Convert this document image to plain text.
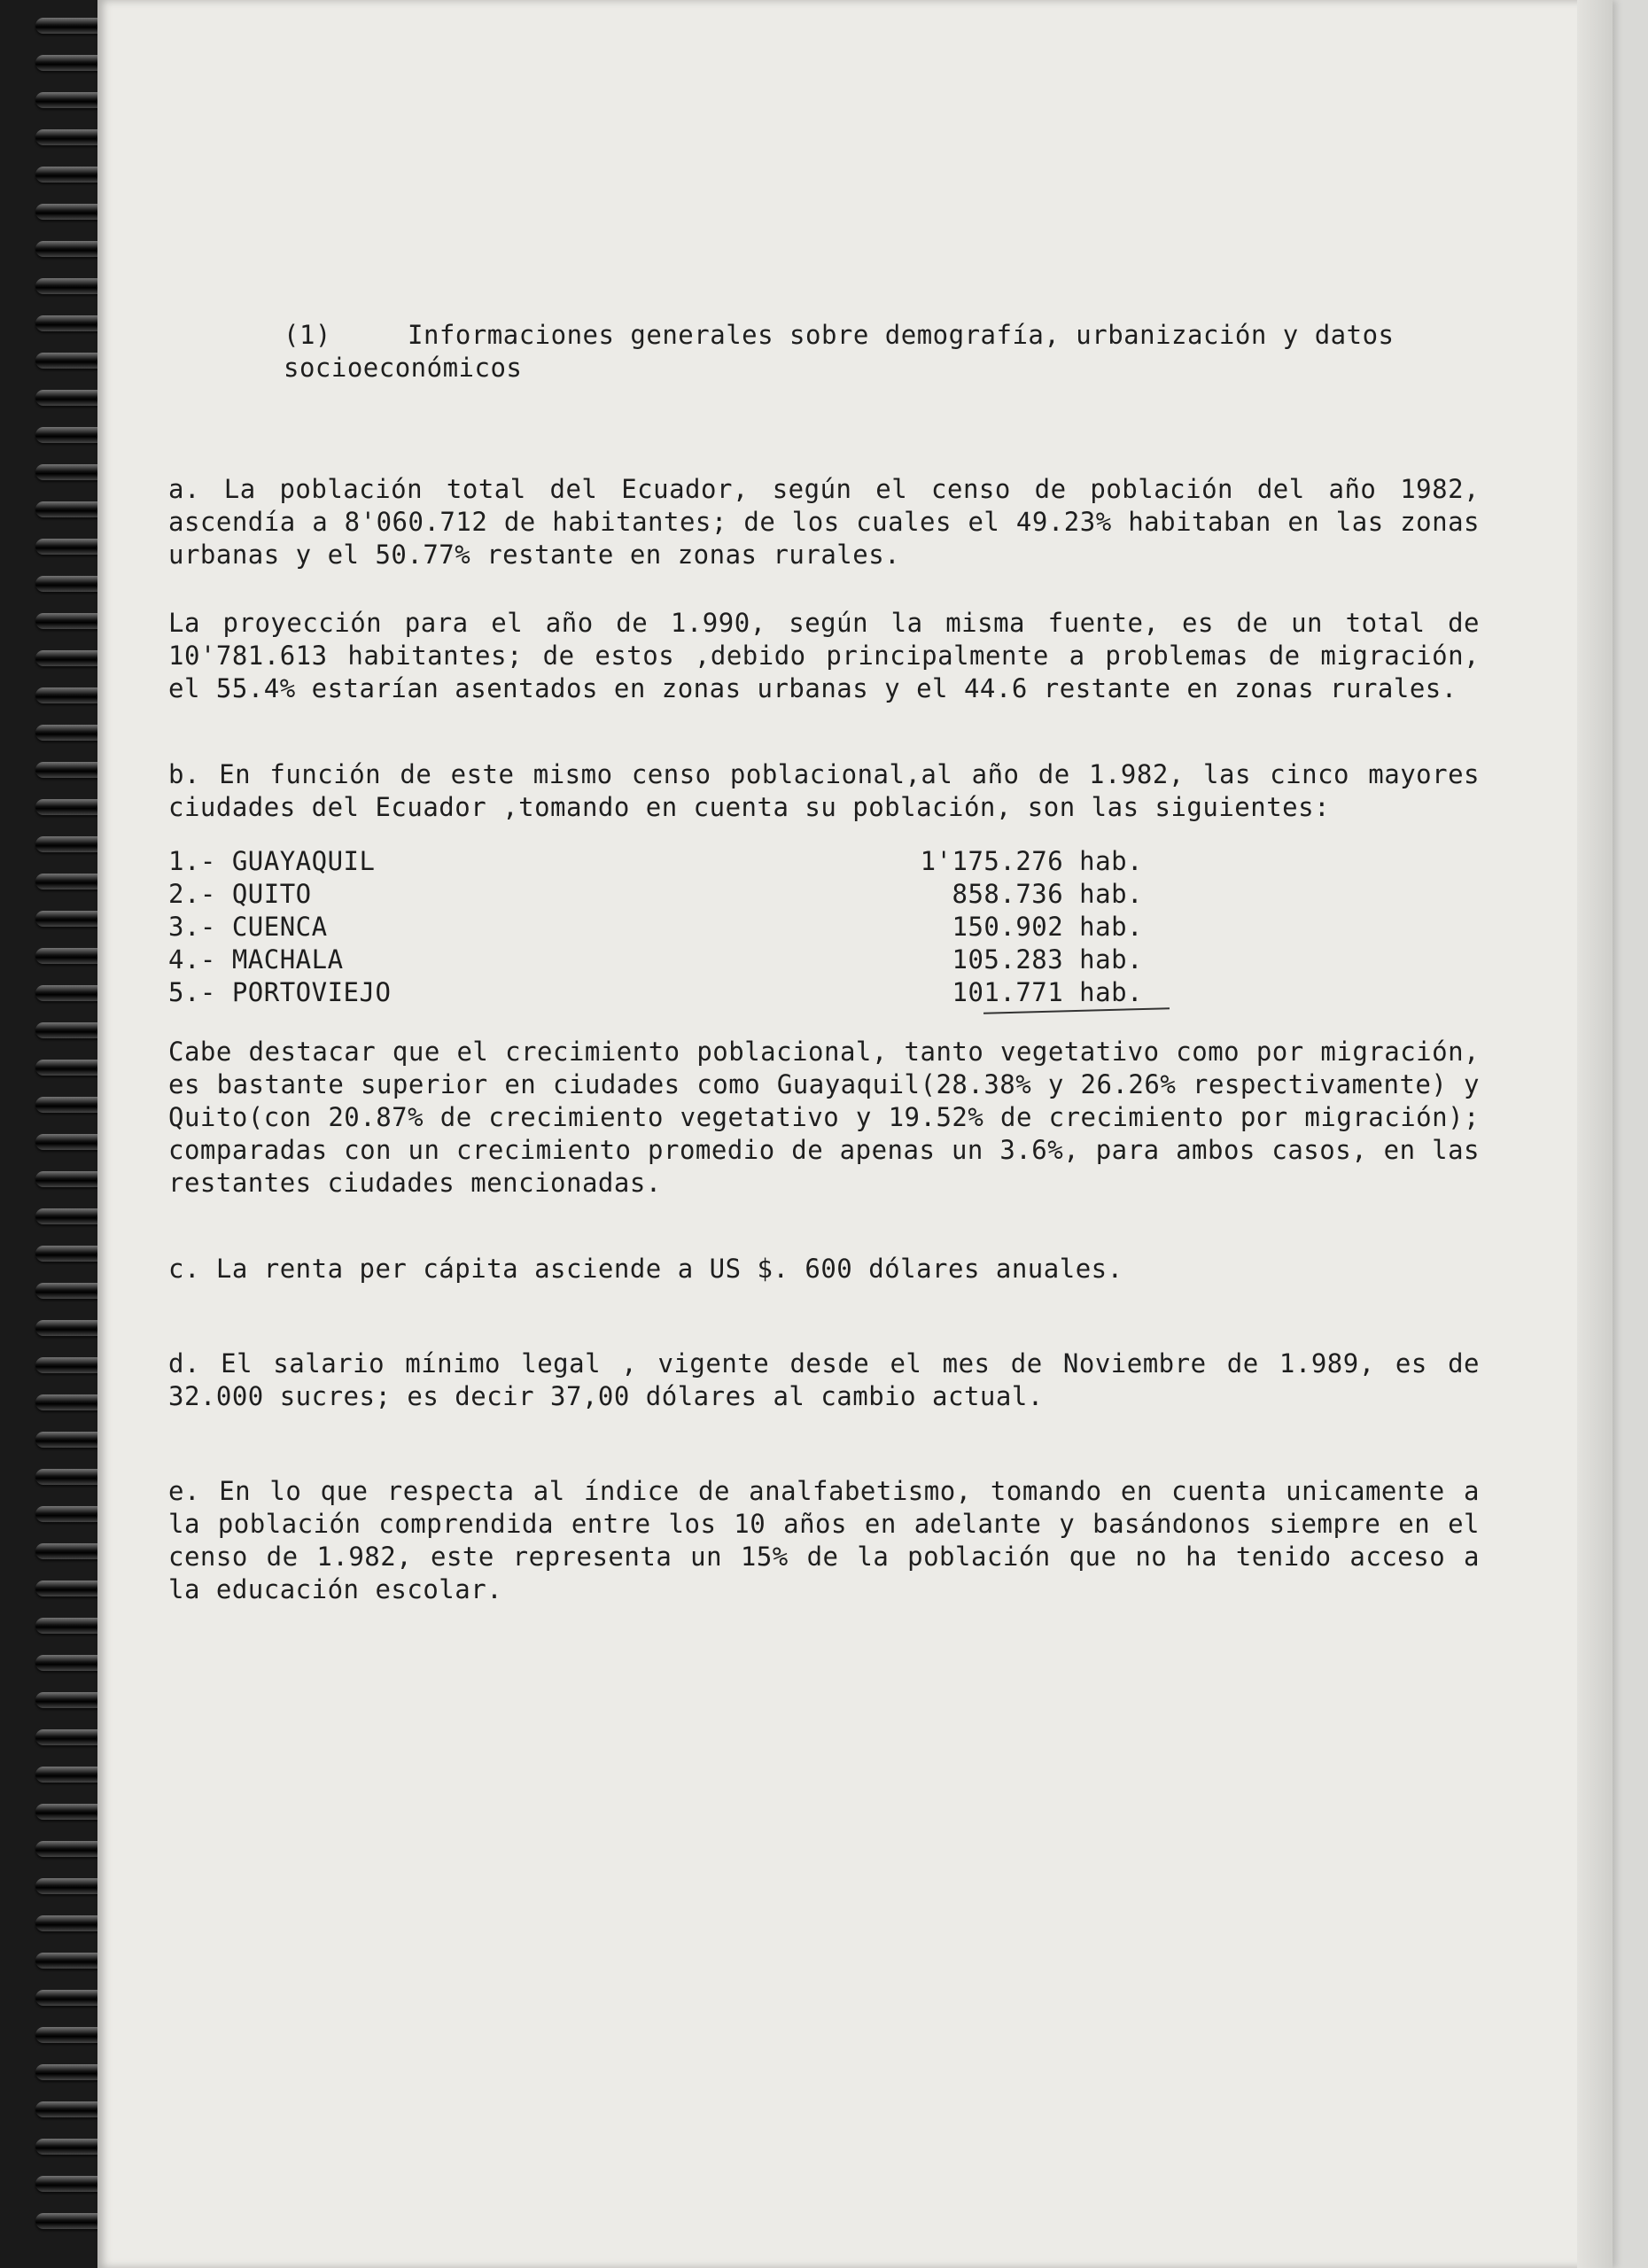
(1)	Informaciones generales sobre demografía, urbanización y datos socioeconómicos

a. La población total del Ecuador, según el censo de población del año 1982, ascendía a 8'060.712 de habitantes; de los cuales el 49.23% habitaban en las zonas urbanas y el 50.77% restante en zonas rurales.

La proyección para el año de 1.990, según la misma fuente, es de un total de 10'781.613 habitantes; de estos ,debido principalmente a problemas de migración, el 55.4% estarían asentados en zonas urbanas y el 44.6 restante en zonas rurales.

b. En función de este mismo censo poblacional,al año de 1.982, las cinco mayores ciudades del Ecuador ,tomando en cuenta su población, son las siguientes:

1.- GUAYAQUIL	1'175.276 hab.
2.- QUITO	858.736 hab.
3.- CUENCA	150.902 hab.
4.- MACHALA	105.283 hab.
5.- PORTOVIEJO	101.771 hab.

Cabe destacar que el crecimiento poblacional, tanto vegetativo como por migración, es bastante superior en ciudades como Guayaquil(28.38% y 26.26% respectivamente) y Quito(con 20.87% de crecimiento vegetativo y 19.52% de crecimiento por migración); comparadas con un crecimiento promedio de apenas un 3.6%, para ambos casos, en las restantes ciudades mencionadas.

c. La renta per cápita asciende a US $. 600 dólares anuales.

d. El salario mínimo legal , vigente desde el mes de Noviembre de 1.989, es de 32.000 sucres; es decir 37,00 dólares al cambio actual.

e. En lo que respecta al índice de analfabetismo, tomando en cuenta unicamente a la población comprendida entre los 10 años en adelante y basándonos siempre en el censo de 1.982, este representa un 15% de la población que no ha tenido acceso a la educación escolar.
